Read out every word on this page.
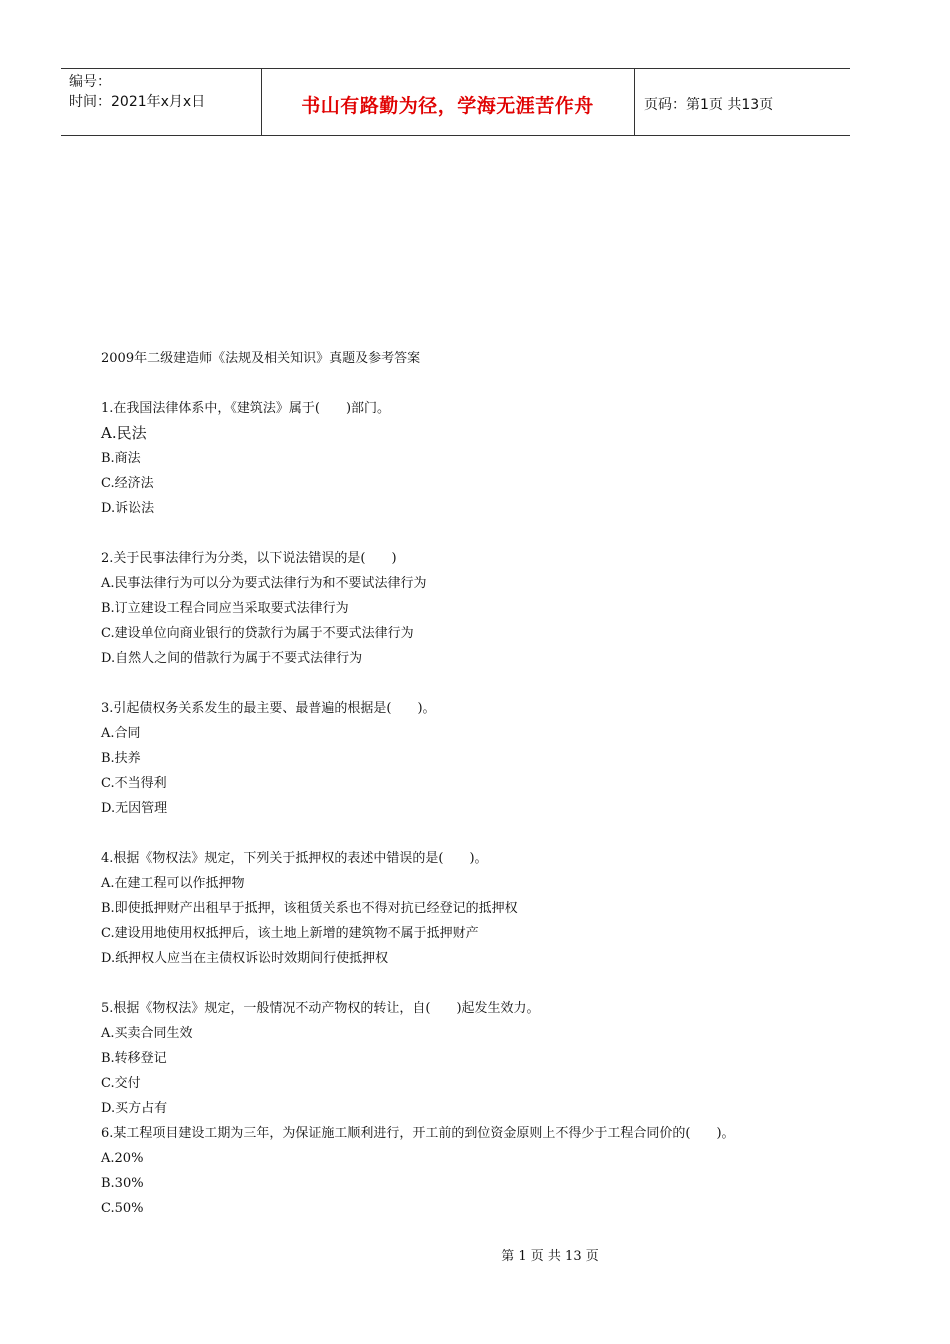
编号：
时间：2021年x月x日	书山有路勤为径，学海无涯苦作舟	页码：第1页 共13页
2009年二级建造师《法规及相关知识》真题及参考答案
1.在我国法律体系中，《建筑法》属于(　　)部门。
A.民法
B.商法
C.经济法
D.诉讼法
2.关于民事法律行为分类，以下说法错误的是(　　)
A.民事法律行为可以分为要式法律行为和不要试法律行为
B.订立建设工程合同应当采取要式法律行为
C.建设单位向商业银行的贷款行为属于不要式法律行为
D.自然人之间的借款行为属于不要式法律行为
3.引起债权务关系发生的最主要、最普遍的根据是(　　)。
A.合同
B.扶养
C.不当得利
D.无因管理
4.根据《物权法》规定，下列关于抵押权的表述中错误的是(　　)。
A.在建工程可以作抵押物
B.即使抵押财产出租早于抵押，该租赁关系也不得对抗已经登记的抵押权
C.建设用地使用权抵押后，该土地上新增的建筑物不属于抵押财产
D.纸押权人应当在主债权诉讼时效期间行使抵押权
5.根据《物权法》规定，一般情况不动产物权的转让，自(　　)起发生效力。
A.买卖合同生效
B.转移登记
C.交付
D.买方占有
6.某工程项目建设工期为三年，为保证施工顺利进行，开工前的到位资金原则上不得少于工程合同价的(　　)。
A.20%
B.30%
C.50%
第 1 页 共 13 页
